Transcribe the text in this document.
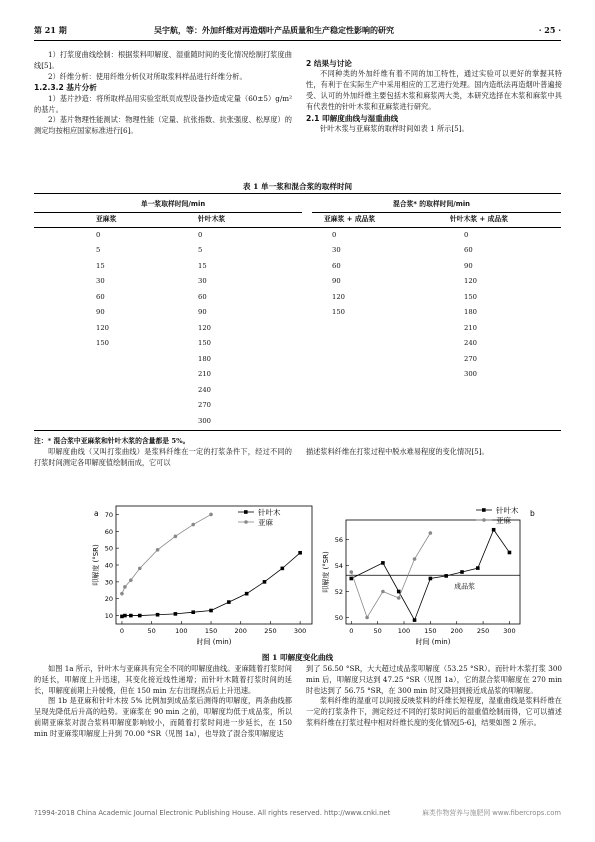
第 21 期	吴宇航，等：外加纤维对再造烟叶产品质量和生产稳定性影响的研究	· 25 ·

1）打浆度曲线绘制：根据浆料叩解度、湿重随时间的变化情况绘制打浆度曲线[5]。

2）纤维分析：使用纤维分析仪对所取浆料样品进行纤维分析。

1.2.3.2 基片分析

1）基片抄造：将所取样品用实验室纸页成型设备抄造成定量（60±5）g/m² 的基片。

2）基片物理性能测试：物理性能（定量、抗张指数、抗张强度、松厚度）的测定均按相应国家标准进行[6]。

2 结果与讨论

不同种类的外加纤维有着不同的加工特性，通过实验可以更好的掌握其特性，有利于在实际生产中采用相应的工艺进行处理。国内造纸法再造烟叶普遍接受、认可的外加纤维主要包括木浆和麻浆两大类，本研究选择在木浆和麻浆中具有代表性的针叶木浆和亚麻浆进行研究。

2.1 叩解度曲线与湿重曲线

针叶木浆与亚麻浆的取样时间如表 1 所示[5]。

表 1 单一浆和混合浆的取样时间
单一浆取样时间/min		混合浆* 的取样时间/min	
亚麻浆	针叶木浆	亚麻浆 + 成品浆	针叶木浆 + 成品浆
0	0	0	0
5	5	30	60
15	15	60	90
30	30	90	120
60	60	120	150
90	90	150	180
120	120		210
150	150		240
	180		270
	210		300
	240		
	270		
	300		
注：* 混合浆中亚麻浆和针叶木浆的含量都是 5%。

叩解度曲线（又叫打浆曲线）是浆料纤维在一定的打浆条件下，经过不同的打浆时间测定各叩解度值绘制而成，它可以

描述浆料纤维在打浆过程中脱水难易程度的变化情况[5]。

0	50	100	150	200	250	300
10
20
30
40
50
60
70
时间 (min)
叩解度 (°SR)
针叶木
亚麻
a
0	50 100 150 200 250 300
50
52
54
56
时间 (min)
叩解度 (°SR)	成品浆
针叶木
亚麻
b
图 1 叩解度变化曲线

如图 1a 所示，针叶木与亚麻具有完全不同的叩解度曲线。亚麻随着打浆时间的延长，叩解度上升迅速，其变化接近线性递增；而针叶木随着打浆时间的延长，叩解度前期上升缓慢，但在 150 min 左右出现拐点后上升迅速。

图 1b 是亚麻和针叶木按 5% 比例加到成品浆后测得的叩解度，两条曲线都呈现先降低后升高的趋势。亚麻浆在 90 min 之前，叩解度均低于成品浆，所以前期亚麻浆对混合浆料叩解度影响较小，而随着打浆时间进一步延长，在 150 min 时亚麻浆叩解度上升到 70.00 °SR（见图 1a），也导致了混合浆叩解度达

到了 56.50 °SR，大大超过成品浆叩解度（53.25 °SR）。而针叶木浆打浆 300 min 后，叩解度只达到 47.25 °SR（见图 1a），它的混合浆叩解度在 270 min 时也达到了 56.75 °SR，在 300 min 时又降回到接近成品浆的叩解度。

浆料纤维的湿重可以间接反映浆料的纤维长短程度，湿重曲线是浆料纤维在一定的打浆条件下，测定经过不同的打浆时间后的湿重值绘制而得，它可以描述浆料纤维在打浆过程中相对纤维长度的变化情况[5-6]，结果如图 2 所示。

?1994-2018 China Academic Journal Electronic Publishing House. All rights reserved. http://www.cnki.net	麻类作物营养与施肥网 www.fibercrops.com
